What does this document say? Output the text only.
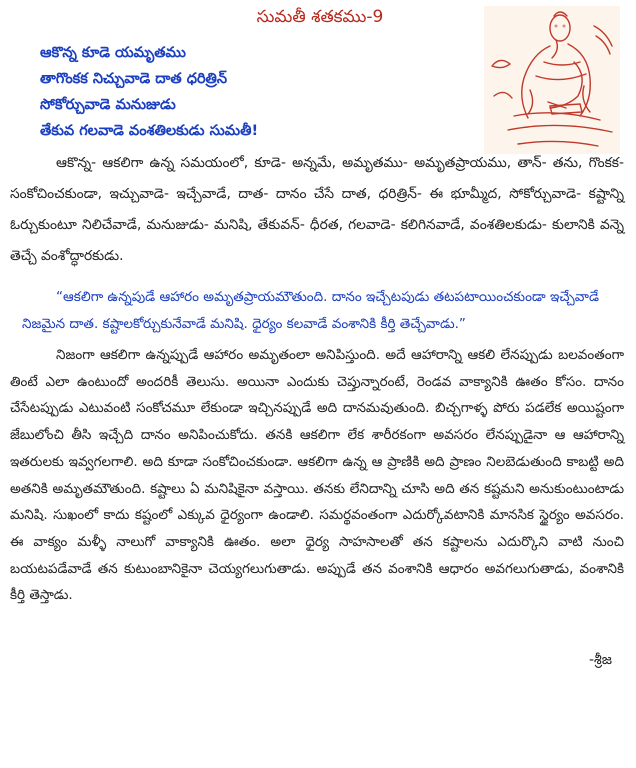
సుమతీ శతకము-9
ఆకొన్న కూడె యమృతము
తాగొంకక నిచ్చువాడె దాత ధరిత్రిన్
సోకోర్చువాడె మనుజుడు
తేకువ గలవాడె వంశతిలకుడు సుమతీ!
ఆకొన్న- ఆకలిగా ఉన్న సమయంలో, కూడె- అన్నమే, అమృతము- అమృతప్రాయము, తాన్- తను, గొంకక-సంకోచించకుండా, ఇచ్చువాడె- ఇచ్చేవాడే, దాత- దానం చేసే దాత, ధరిత్రిన్- ఈ భూమ్మీద, సోకోర్చువాడె- కష్టాన్ని ఓర్చుకుంటూ నిలిచేవాడే, మనుజుడు- మనిషి, తేకువన్- ధీరత, గలవాడె- కలిగినవాడే, వంశతిలకుడు- కులానికి వన్నె తెచ్చే వంశోద్ధారకుడు.
“ఆకలిగా ఉన్నపుడే ఆహారం అమృతప్రాయమౌతుంది. దానం ఇచ్చేటపుడు తటపటాయించకుండా ఇచ్చేవాడే నిజమైన దాత. కష్టాలకోర్చుకునేవాడే మనిషి. ధైర్యం కలవాడే వంశానికి కీర్తి తెచ్చేవాడు.”
నిజంగా ఆకలిగా ఉన్నప్పుడే ఆహారం అమృతంలా అనిపిస్తుంది. అదే ఆహారాన్ని ఆకలి లేనప్పుడు బలవంతంగా తింటే ఎలా ఉంటుందో అందరికీ తెలుసు. అయినా ఎందుకు చెప్తున్నారంటే, రెండవ వాక్యానికి ఊతం కోసం. దానం చేసేటప్పుడు ఎటువంటి సంకోచమూ లేకుండా ఇచ్చినప్పుడే అది దానమవుతుంది. బిచ్చగాళ్ళ పోరు పడలేక అయిష్టంగా జేబులోంచి తీసి ఇచ్చేది దానం అనిపించుకోదు. తనకి ఆకలిగా లేక శారీరకంగా అవసరం లేనప్పుడైనా ఆ ఆహారాన్ని ఇతరులకు ఇవ్వగలగాలి. అది కూడా సంకోచించకుండా. ఆకలిగా ఉన్న ఆ ప్రాణికి అది ప్రాణం నిలబెడుతుంది కాబట్టి అది అతనికి అమృతమౌతుంది. కష్టాలు ఏ మనిషికైనా వస్తాయి. తనకు లేనిదాన్ని చూసి అది తన కష్టమని అనుకుంటుంటాడు మనిషి. సుఖంలో కాదు కష్టంలో ఎక్కువ ధైర్యంగా ఉండాలి. సమర్థవంతంగా ఎదుర్కోవటానికి మానసిక స్థైర్యం అవసరం. ఈ వాక్యం మళ్ళీ నాలుగో వాక్యానికి ఊతం. అలా ధైర్య సాహసాలతో తన కష్టాలను ఎదుర్కొని వాటి నుంచి బయటపడేవాడే తన కుటుంబానికైనా చెయ్యగలుగుతాడు. అప్పుడే తన వంశానికి ఆధారం అవగలుగుతాడు, వంశానికి కీర్తి తెస్తాడు.
-శ్రీజ
